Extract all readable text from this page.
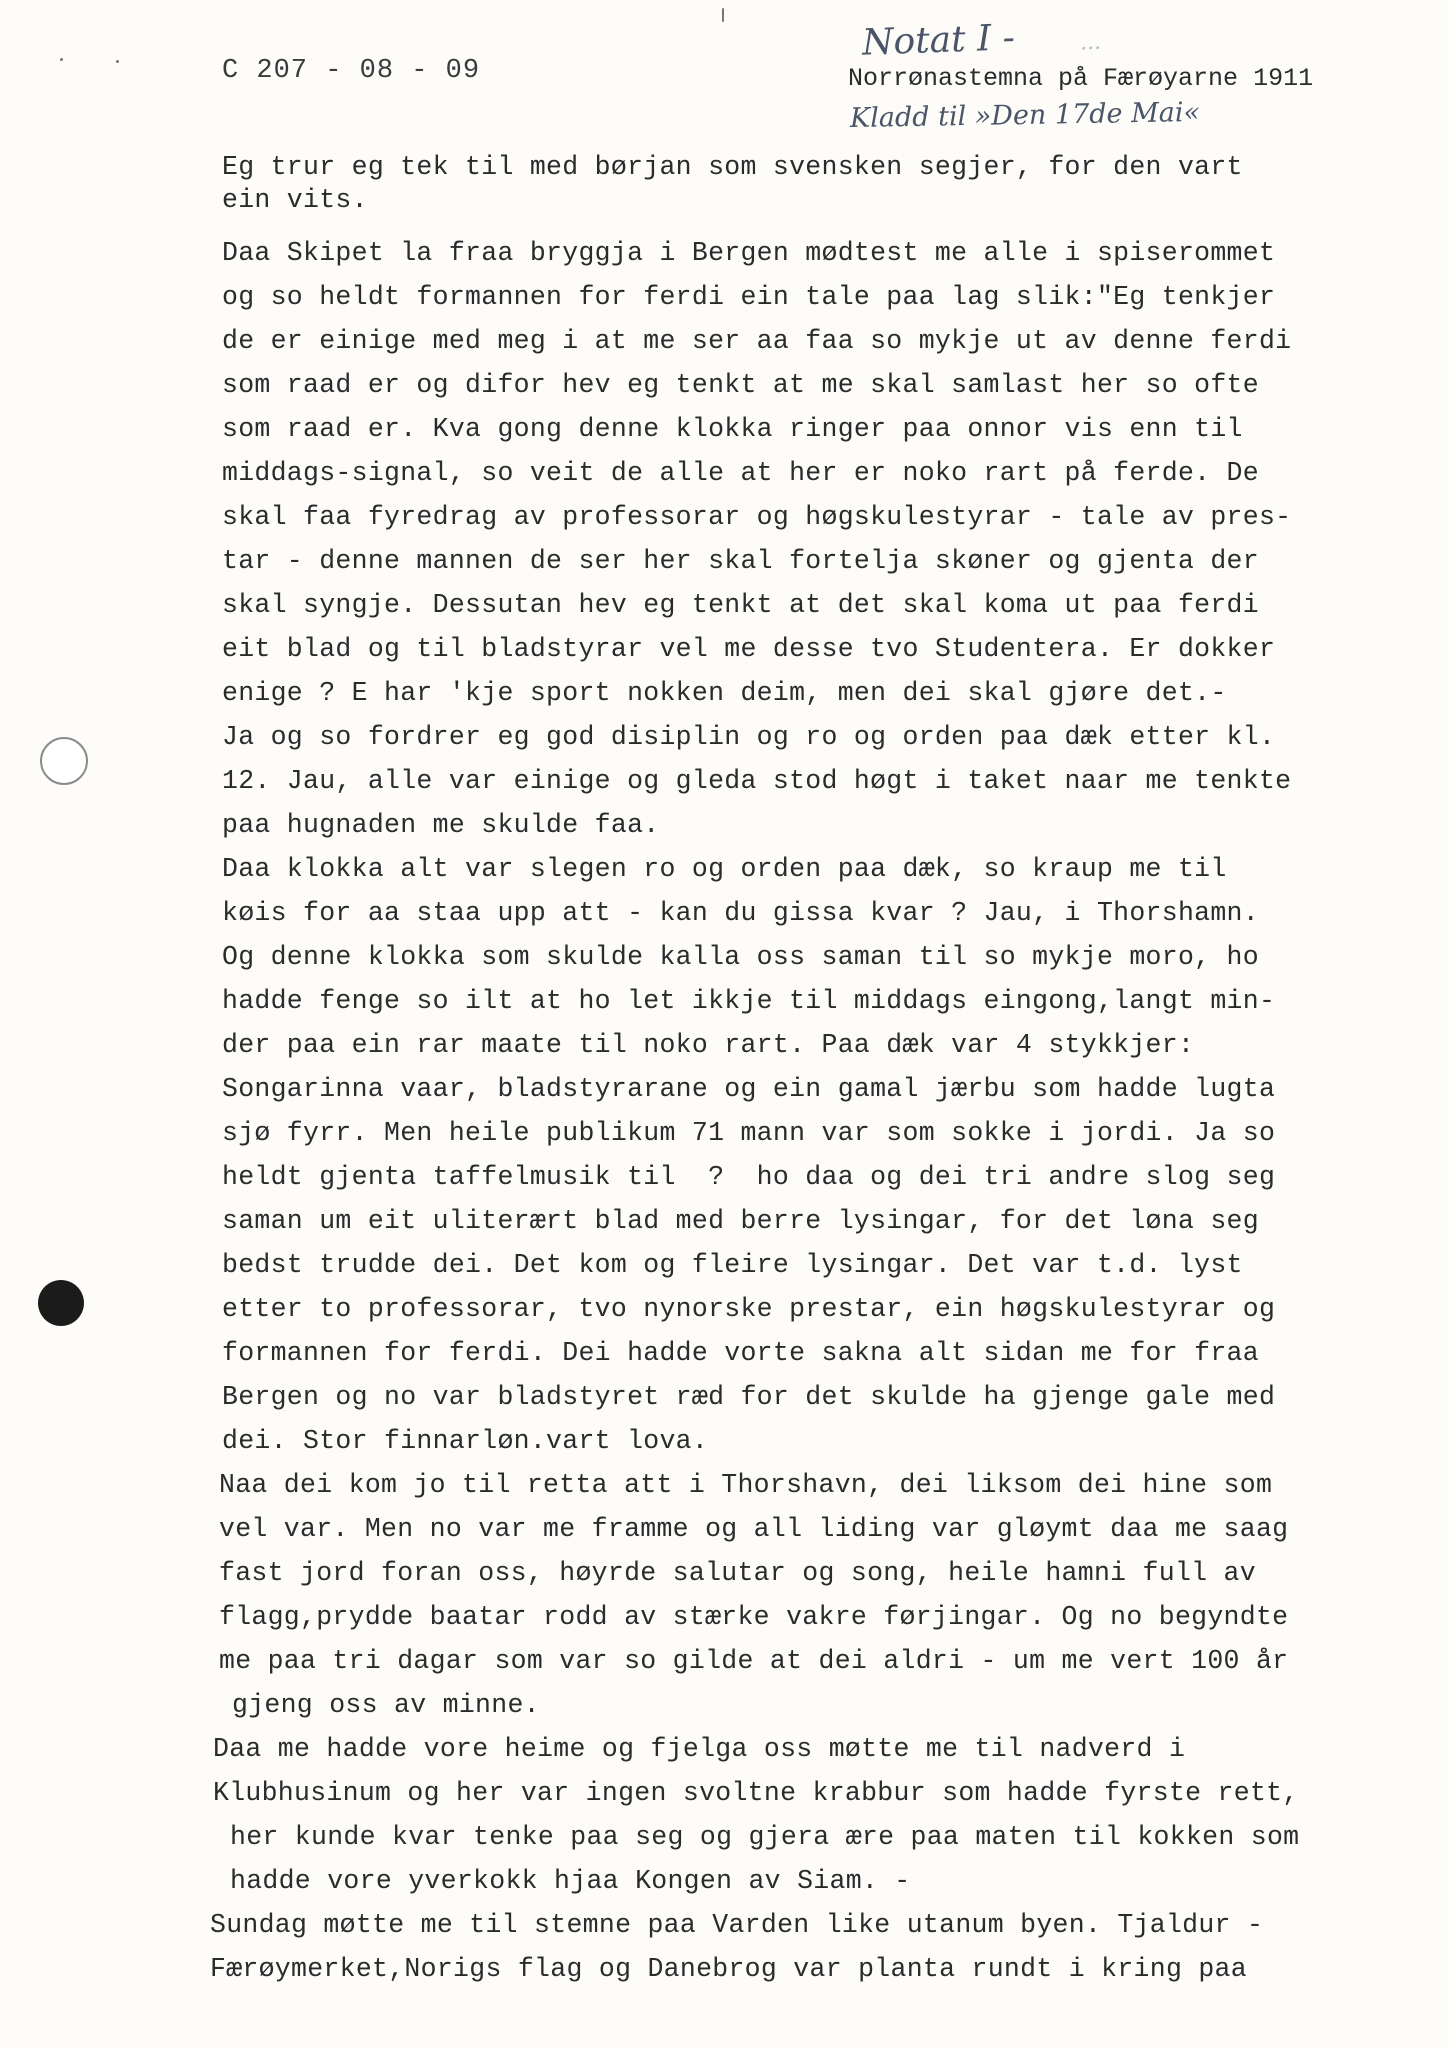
C 207 - 08 - 09
Notat I -	...
Norrønastemna på Færøyarne 1911
Kladd til »Den 17de Mai«
Eg trur eg tek til med børjan som svensken segjer, for den vart
ein vits.
Daa Skipet la fraa bryggja i Bergen mødtest me alle i spiserommet
og so heldt formannen for ferdi ein tale paa lag slik:"Eg tenkjer
de er einige med meg i at me ser aa faa so mykje ut av denne ferdi
som raad er og difor hev eg tenkt at me skal samlast her so ofte
som raad er. Kva gong denne klokka ringer paa onnor vis enn til
middags-signal, so veit de alle at her er noko rart på ferde. De
skal faa fyredrag av professorar og høgskulestyrar - tale av pres-
tar - denne mannen de ser her skal fortelja skøner og gjenta der
skal syngje. Dessutan hev eg tenkt at det skal koma ut paa ferdi
eit blad og til bladstyrar vel me desse tvo Studentera. Er dokker
enige ? E har 'kje sport nokken deim, men dei skal gjøre det.-
Ja og so fordrer eg god disiplin og ro og orden paa dæk etter kl.
12. Jau, alle var einige og gleda stod høgt i taket naar me tenkte
paa hugnaden me skulde faa.
Daa klokka alt var slegen ro og orden paa dæk, so kraup me til
køis for aa staa upp att - kan du gissa kvar ? Jau, i Thorshamn.
Og denne klokka som skulde kalla oss saman til so mykje moro, ho
hadde fenge so ilt at ho let ikkje til middags eingong,langt min-
der paa ein rar maate til noko rart. Paa dæk var 4 stykkjer:
Songarinna vaar, bladstyrarane og ein gamal jærbu som hadde lugta
sjø fyrr. Men heile publikum 71 mann var som sokke i jordi. Ja so
heldt gjenta taffelmusik til  ?  ho daa og dei tri andre slog seg
saman um eit uliterært blad med berre lysingar, for det løna seg
bedst trudde dei. Det kom og fleire lysingar. Det var t.d. lyst
etter to professorar, tvo nynorske prestar, ein høgskulestyrar og
formannen for ferdi. Dei hadde vorte sakna alt sidan me for fraa
Bergen og no var bladstyret ræd for det skulde ha gjenge gale med
dei. Stor finnarløn.vart lova.
Naa dei kom jo til retta att i Thorshavn, dei liksom dei hine som
vel var. Men no var me framme og all liding var gløymt daa me saag
fast jord foran oss, høyrde salutar og song, heile hamni full av
flagg,prydde baatar rodd av stærke vakre førjingar. Og no begyndte
me paa tri dagar som var so gilde at dei aldri - um me vert 100 år
gjeng oss av minne.
Daa me hadde vore heime og fjelga oss møtte me til nadverd i
Klubhusinum og her var ingen svoltne krabbur som hadde fyrste rett,
her kunde kvar tenke paa seg og gjera ære paa maten til kokken som
hadde vore yverkokk hjaa Kongen av Siam. -
Sundag møtte me til stemne paa Varden like utanum byen. Tjaldur -
Færøymerket,Norigs flag og Danebrog var planta rundt i kring paa
